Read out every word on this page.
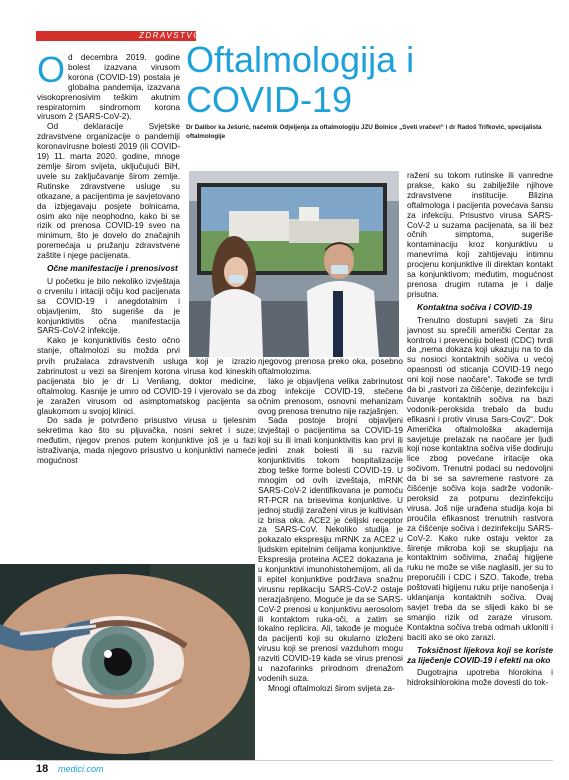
ZDRAVSTVO
Oftalmologija i
COVID-19
Dr Dalibor ka Ješurić, načelnik Odjeljenja za oftalmologiju JZU Bolnice „Sveti vračevi“ i dr Radoš Trifković, specijalista oftalmologije

Od decembra 2019. godine bolest izazvana virusom korona (COVID-19) postala je globalna pandemija, izazvana visokoprenosivim teškim akutnim respiratornim sindromom korona virusom 2 (SARS-CoV-2).

Od deklaracije Svjetske zdravstvene organizacije o pandemiji koronavirusne bolesti 2019 (ili COVID-19) 11. marta 2020. godine, mnoge zemlje širom svijeta, uključujući BiH, uvele su zaključavanje širom zemlje. Rutinske zdravstvene usluge su otkazane, a pacijentima je savjetovano da izbjegavaju posjete bolnicama, osim ako nije neophodno, kako bi se rizik od prenosa COVID-19 sveo na minimum, što je dovelo do značajnih poremećaja u pružanju zdravstvene zaštite i njege pacijenata.

Očne manifestacije i prenosivost

U početku je bilo nekoliko izvještaja o crvenilu i iritaciji očiju kod pacijenata sa COVID-19 i anegdotalnim i objavljenim, što sugeriše da je konjunktivitis očna manifestacija SARS-CoV-2 infekcije.

Kako je konjunktivitis često očno stanje, oftalmolozi su možda prvi

prvih pružalaca zdravstvenih usluga koji je izrazio zabrinutost u vezi sa širenjem korona virusa kod kineskih pacijenata bio je dr Li Venliang, doktor medicine, oftalmolog. Kasnije je umro od COVID-19 i vjerovalo se da je zaražen virusom od asimptomatskog pacijenta sa glaukomom u svojoj klinici.

Do sada je potvrđeno prisustvo virusa u tjelesnim sekretima kao što su pljuvačka, nosni sekret i suze; međutim, njegov prenos putem konjunktive još je u fazi istraživanja, mada njegovo prisustvo u konjunktivi nameće mogućnost

njegovog prenosa preko oka, posebno oftalmolozima.

Iako je objavljena velika zabrinutost zbog infekcije COVID-19, stečene očnim prenosom, osnovni mehanizam ovog prenosa trenutno nije razjašnjen.

Sada postoje brojni objavljeni izvještaji o pacijentima sa COVID-19 koji su ili imali konjunktivitis kao prvi ili jedini znak bolesti ili su razvili konjunktivitis tokom hospitalizacije zbog teške forme bolesti COVID-19. U mnogim od ovih izveštaja, mRNK SARS-CoV-2 identifikovana je pomoću RT-PCR na brisevima konjunktive. U jednoj studiji zaraženi virus je kultivisan iz brisa oka. ACE2 je ćelijski receptor za SARS-CoV. Nekoliko studija je pokazalo ekspresiju mRNK za ACE2 u ljudskim epitelnim ćelijama konjunktive. Ekspresija proteina ACE2 dokazana je u konjunktivi imunohistohemijom, ali da li epitel konjunktive podržava snažnu virusnu replikaciju SARS-CoV-2 ostaje nerazjašnjeno. Moguće je da se SARS-CoV-2 prenosi u konjunktivu aerosolom ili kontaktom ruka-oči, a zatim se lokalno replicira. Ali, takođe je moguće da pacijenti koji su okularno izloženi virusu koji se prenosi vazduhom mogu razviti COVID-19 kada se virus prenosi u nazofarinks prirodnom drenažom vodenih suza.

Mnogi oftalmolozi širom svijeta za-

raženi su tokom rutinske ili vanredne prakse, kako su zabilježile njihove zdravstvene institucije. Blizina oftalmologa i pacijenta povećava šansu za infekciju. Prisustvo virusa SARS-CoV-2 u suzama pacijenata, sa ili bez očnih simptoma, sugeriše kontaminaciju kroz konjunktivu u manevrima koji zahtijevaju intimnu procjenu konjunktive ili direktan kontakt sa konjunktivom; međutim, mogućnost prenosa drugim rutama je i dalje prisutna.

Kontaktna sočiva i COVID-19

Trenutno dostupni savjeti za širu javnost su sprečili američki Centar za kontrolu i prevenciju bolesti (CDC) tvrdi da „nema dokaza koji ukazuju na to da su nosioci kontaktnih sočiva u većoj opasnosti od sticanja COVID-19 nego oni koji nose naočare“. Takođe se tvrdi da bi „rastvori za čišćenje, dezinfekciju i čuvanje kontaktnih sočiva na bazi vodonik-peroksida trebalo da budu efikasni i protiv virusa Sars-Cov2“. Dok Američka oftalmološka akademija savjetuje prelazak na naočare jer ljudi koji nose kontaktna sočiva više dodiruju lice zbog povećane iritacije oka sočivom. Trenutni podaci su nedovoljni da bi se sa savremene rastvore za čišćenje sočiva koja sadrže vodonik-peroksid za potpunu dezinfekciju virusa. Još nije urađena studija koja bi proučila efikasnost trenutnih rastvora za čišćenje sočiva i dezinfekciju SARS-CoV-2. Kako ruke ostaju vektor za širenje mikroba koji se skupljaju na kontaktnim sočivima, značaj higijene ruku ne može se više naglasiti, jer su to preporučili i CDC i SZO. Takođe, treba poštovati higijenu ruku prije nanošenja i uklanjanja kontaktnih sočiva. Ovaj savjet treba da se slijedi kako bi se smanjio rizik od zaraze virusom. Kontaktna sočiva treba odmah ukloniti i baciti ako se oko zarazi.

Toksičnost lijekova koji se koriste za liječenje COVID-19 i efekti na oko

Dugotrajna upotreba hlorokina i hidroksihlorokina može dovesti do tok-

18 medici.com
